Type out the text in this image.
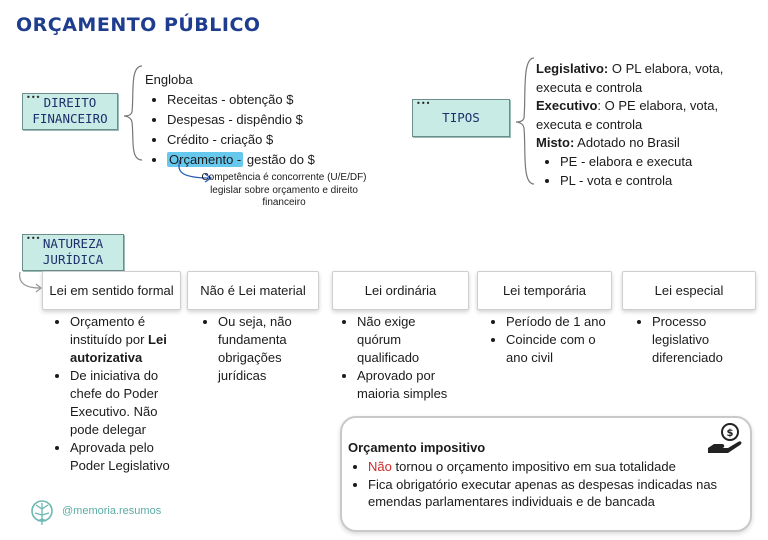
ORÇAMENTO PÚBLICO
••• DIREITO
FINANCEIRO
Engloba
• Receitas - obtenção $
• Despesas - dispêndio $
• Crédito - criação $
• Orçamento - gestão do $
Competência é concorrente (U/E/DF) legislar sobre orçamento e direito financeiro
•••
TIPOS

Legislativo: O PL elabora, vota, executa e controla

Executivo: O PE elabora, vota, executa e controla

Misto: Adotado no Brasil

• PE - elabora e executa
• PL - vota e controla
••• NATUREZA
JURÍDICA
Lei em sentido formal Não é Lei material	Lei ordinária	Lei temporária	Lei especial
• Orçamento é instituído por Lei autorizativa
• De iniciativa do chefe do Poder Executivo. Não pode delegar
• Aprovada pelo Poder Legislativo
• Ou seja, não fundamenta obrigações jurídicas
• Não exige quórum qualificado
• Aprovado por maioria simples
• Período de 1 ano
• Coincide com o ano civil
• Processo legislativo diferenciado
Orçamento impositivo
• Não tornou o orçamento impositivo em sua totalidade
• Fica obrigatório executar apenas as despesas indicadas nas emendas parlamentares individuais e de bancada
$
@memoria.resumos
